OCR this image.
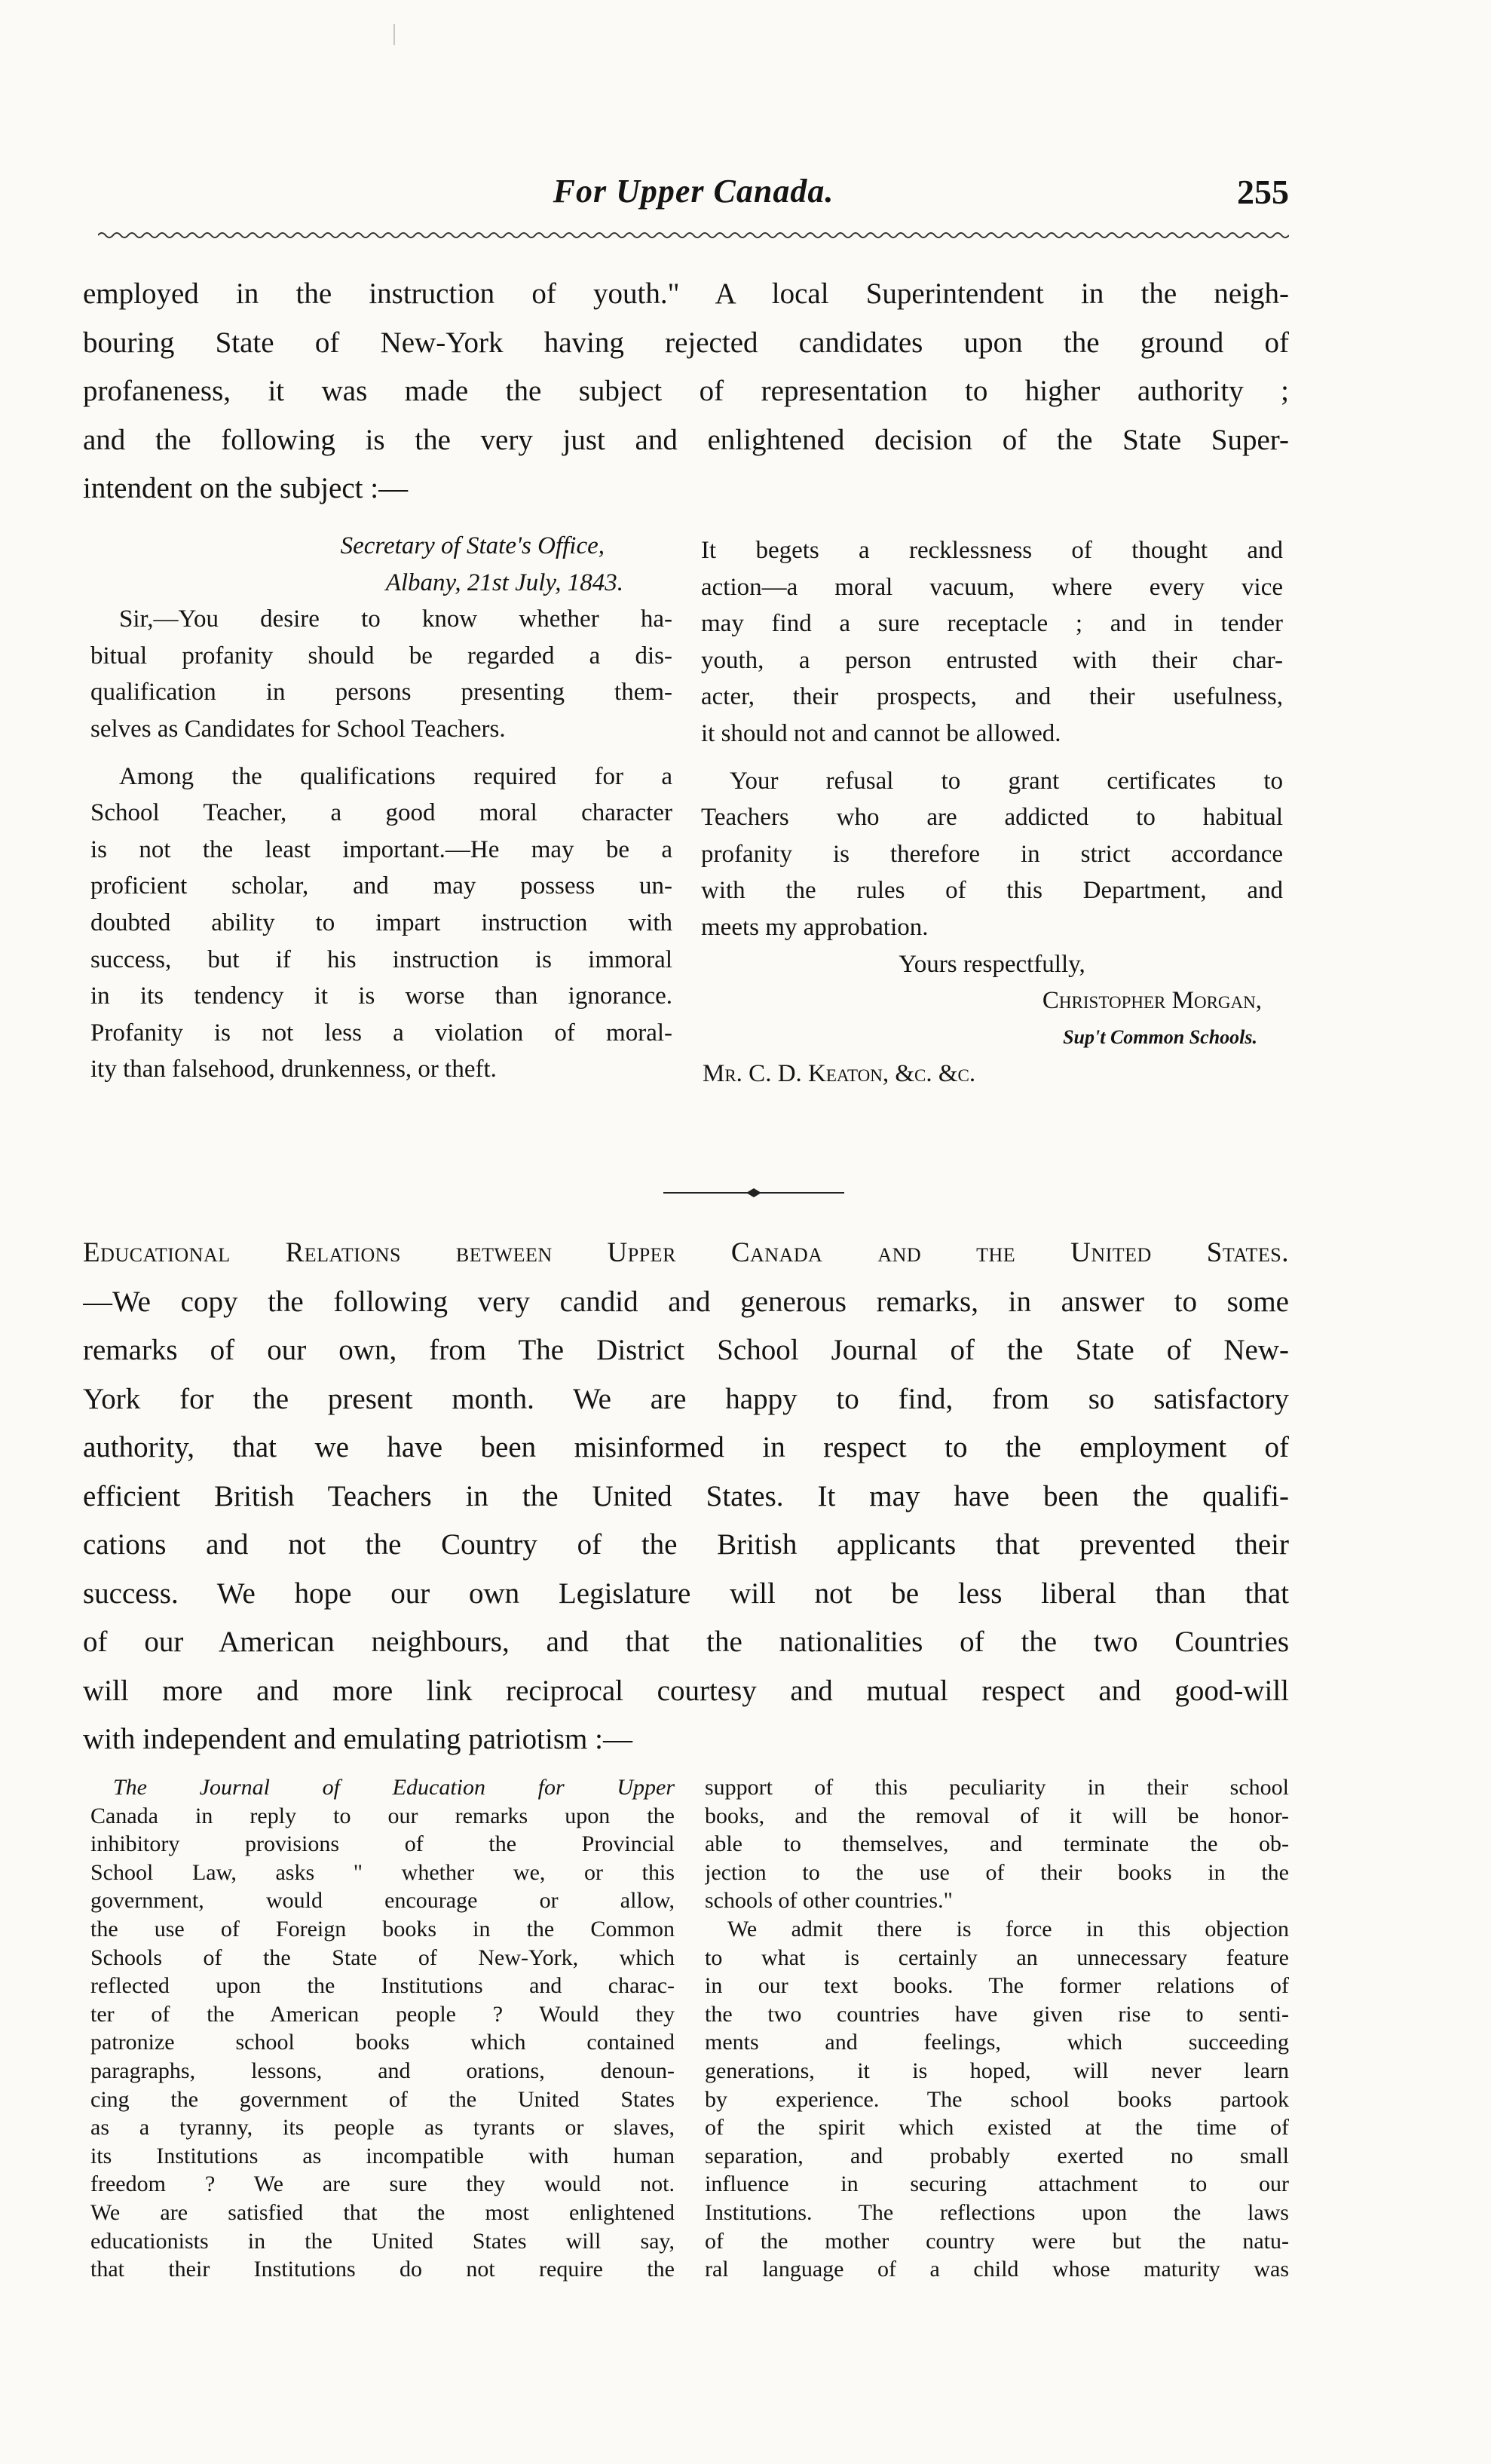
For Upper Canada.	255
employed in the instruction of youth." A local Superintendent in the neigh-
bouring State of New-York having rejected candidates upon the ground of
profaneness, it was made the subject of representation to higher authority ;
and the following is the very just and enlightened decision of the State Super-
intendent on the subject :—
Secretary of State's Office,
Albany, 21st July, 1843.
Sir,—You desire to know whether ha-
bitual profanity should be regarded a dis-
qualification in persons presenting them-
selves as Candidates for School Teachers.
Among the qualifications required for a
School Teacher, a good moral character
is not the least important.—He may be a
proficient scholar, and may possess un-
doubted ability to impart instruction with
success, but if his instruction is immoral
in its tendency it is worse than ignorance.
Profanity is not less a violation of moral-
ity than falsehood, drunkenness, or theft.
It begets a recklessness of thought and
action—a moral vacuum, where every vice
may find a sure receptacle ; and in tender
youth, a person entrusted with their char-
acter, their prospects, and their usefulness,
it should not and cannot be allowed.
Your refusal to grant certificates to
Teachers who are addicted to habitual
profanity is therefore in strict accordance
with the rules of this Department, and
meets my approbation.
Yours respectfully,
Christopher Morgan,
Sup't Common Schools.
Mr. C. D. Keaton, &c. &c.
Educational Relations between Upper Canada and the United States.
—We copy the following very candid and generous remarks, in answer to some
remarks of our own, from The District School Journal of the State of New-
York for the present month. We are happy to find, from so satisfactory
authority, that we have been misinformed in respect to the employment of
efficient British Teachers in the United States. It may have been the qualifi-
cations and not the Country of the British applicants that prevented their
success. We hope our own Legislature will not be less liberal than that
of our American neighbours, and that the nationalities of the two Countries
will more and more link reciprocal courtesy and mutual respect and good-will
with independent and emulating patriotism :—
The Journal of Education for Upper
Canada in reply to our remarks upon the
inhibitory provisions of the Provincial
School Law, asks " whether we, or this
government, would encourage or allow,
the use of Foreign books in the Common
Schools of the State of New-York, which
reflected upon the Institutions and charac-
ter of the American people ? Would they
patronize school books which contained
paragraphs, lessons, and orations, denoun-
cing the government of the United States
as a tyranny, its people as tyrants or slaves,
its Institutions as incompatible with human
freedom ? We are sure they would not.
We are satisfied that the most enlightened
educationists in the United States will say,
that their Institutions do not require the
support of this peculiarity in their school
books, and the removal of it will be honor-
able to themselves, and terminate the ob-
jection to the use of their books in the
schools of other countries."
We admit there is force in this objection
to what is certainly an unnecessary feature
in our text books. The former relations of
the two countries have given rise to senti-
ments and feelings, which succeeding
generations, it is hoped, will never learn
by experience. The school books partook
of the spirit which existed at the time of
separation, and probably exerted no small
influence in securing attachment to our
Institutions. The reflections upon the laws
of the mother country were but the natu-
ral language of a child whose maturity was
